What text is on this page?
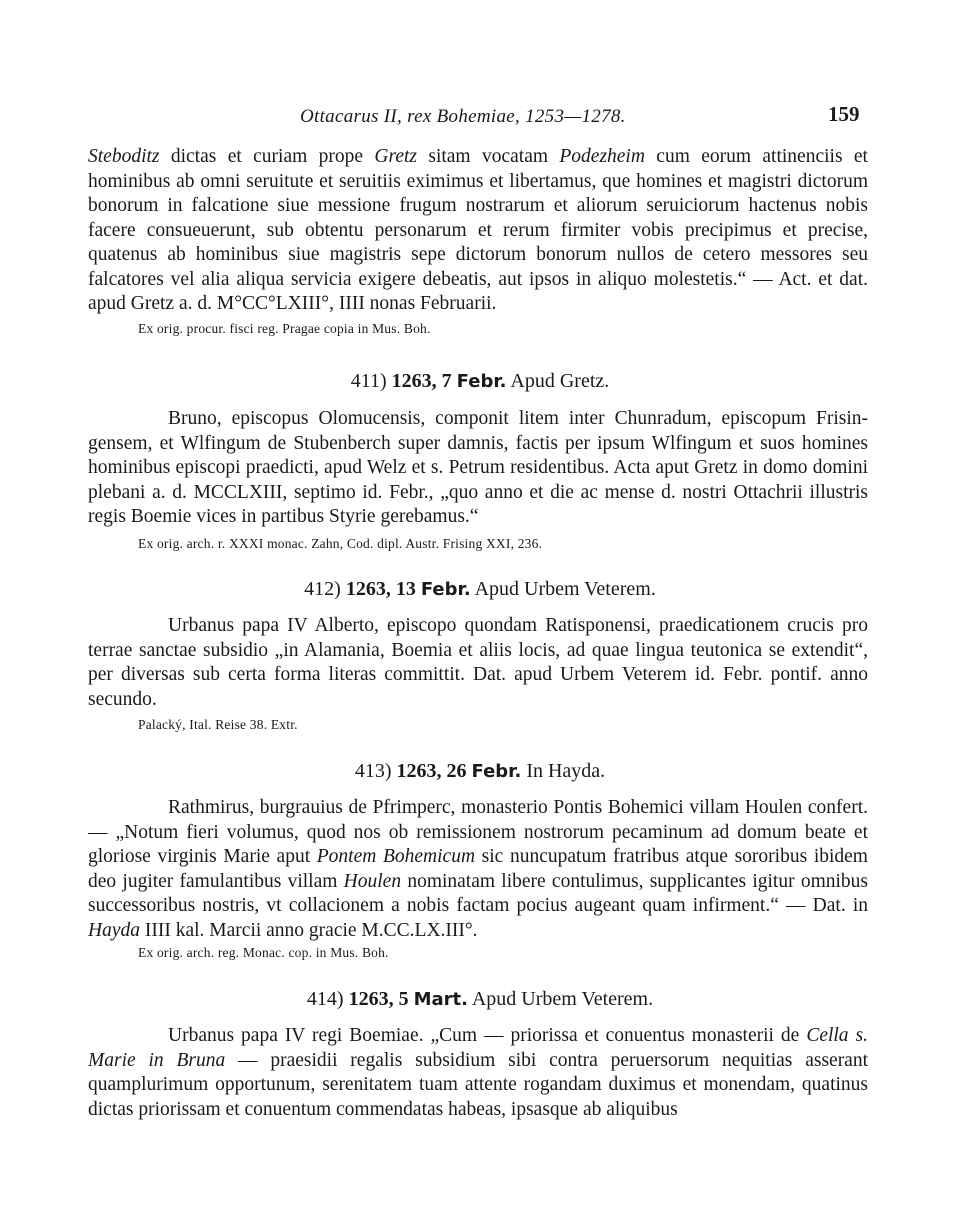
Ottacarus II, rex Bohemiae, 1253—1278.	159
Steboditz dictas et curiam prope Gretz sitam vocatam Podezheim cum eorum attinenciis et hominibus ab omni seruitute et seruitiis eximimus et libertamus, que homines et magistri dictorum bonorum in falcatione siue messione frugum nostrarum et aliorum seruiciorum hactenus nobis facere consueuerunt, sub obtentu personarum et rerum firmiter vobis precipimus et precise, quatenus ab hominibus siue magistris sepe dictorum bonorum nullos de cetero messores seu falcatores vel alia aliqua servicia exigere debeatis, aut ipsos in aliquo molestetis.“ — Act. et dat. apud Gretz a. d. M°CC°LXIII°, IIII nonas Februarii.
Ex orig. procur. fisci reg. Pragae copia in Mus. Boh.
411) 1263, 7 Febr. Apud Gretz.
Bruno, episcopus Olomucensis, componit litem inter Chunradum, episcopum Frisingensem, et Wlfingum de Stubenberch super damnis, factis per ipsum Wlfingum et suos homines hominibus episcopi praedicti, apud Welz et s. Petrum residentibus. Acta aput Gretz in domo domini plebani a. d. MCCLXIII, septimo id. Febr., „quo anno et die ac mense d. nostri Ottachrii illustris regis Boemie vices in partibus Styrie gerebamus.“
Ex orig. arch. r. XXXI monac. Zahn, Cod. dipl. Austr. Frising XXI, 236.
412) 1263, 13 Febr. Apud Urbem Veterem.
Urbanus papa IV Alberto, episcopo quondam Ratisponensi, praedicationem crucis pro terrae sanctae subsidio „in Alamania, Boemia et aliis locis, ad quae lingua teutonica se extendit“, per diversas sub certa forma literas committit. Dat. apud Urbem Veterem id. Febr. pontif. anno secundo.
Palacký, Ital. Reise 38. Extr.
413) 1263, 26 Febr. In Hayda.
Rathmirus, burgrauius de Pfrimperc, monasterio Pontis Bohemici villam Houlen confert. — „Notum fieri volumus, quod nos ob remissionem nostrorum pecaminum ad domum beate et gloriose virginis Marie aput Pontem Bohemicum sic nuncupatum fratribus atque sororibus ibidem deo jugiter famulantibus villam Houlen nominatam libere contulimus, supplicantes igitur omnibus successoribus nostris, vt collacionem a nobis factam pocius augeant quam infirment.“ — Dat. in Hayda IIII kal. Marcii anno gracie M.CC.LX.III°.
Ex orig. arch. reg. Monac. cop. in Mus. Boh.
414) 1263, 5 Mart. Apud Urbem Veterem.
Urbanus papa IV regi Boemiae. „Cum — priorissa et conuentus monasterii de Cella s. Marie in Bruna — praesidii regalis subsidium sibi contra peruersorum nequitias asserant quamplurimum opportunum, serenitatem tuam attente rogandam duximus et monendam, quatinus dictas priorissam et conuentum commendatas habeas, ipsasque ab aliquibus
